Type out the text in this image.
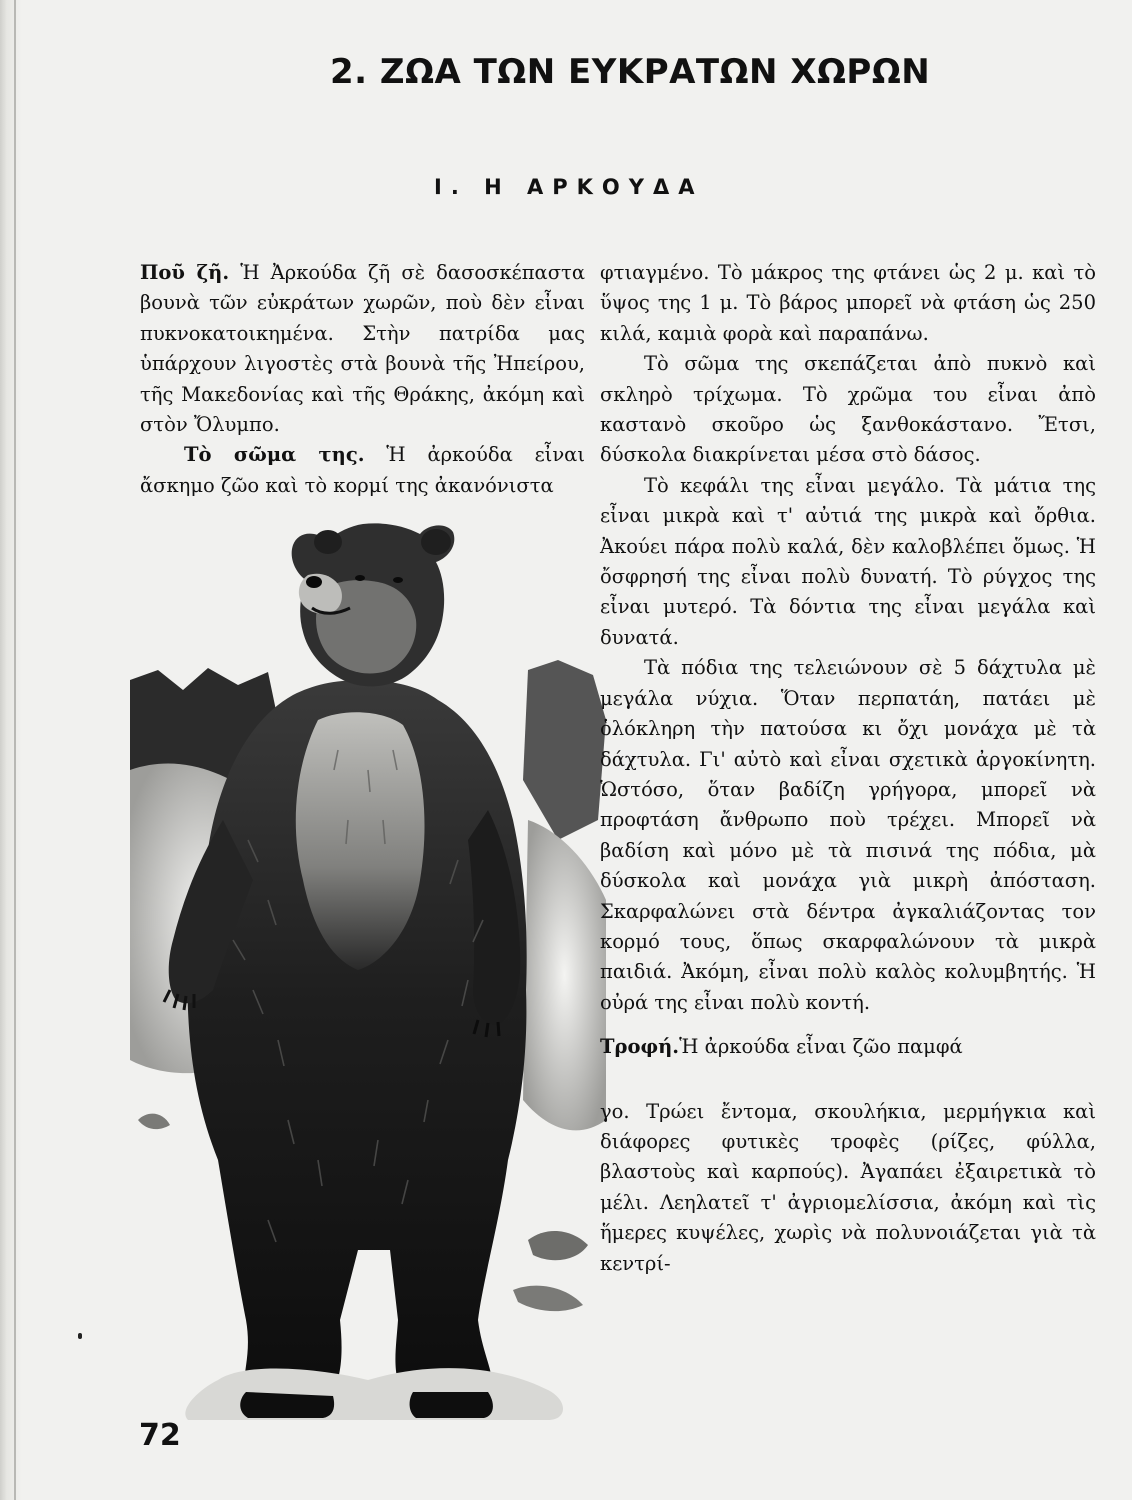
2. ΖΩΑ ΤΩΝ ΕΥΚΡΑΤΩΝ ΧΩΡΩΝ
Ι. Η ΑΡΚΟΥΔΑ

Ποῦ ζῆ. Ἡ Ἀρκούδα ζῆ σὲ δασοσκέπαστα βουνὰ τῶν εὐκράτων χωρῶν, ποὺ δὲν εἶναι πυκνοκατοικημένα. Στὴν πατρίδα μας ὑπάρχουν λιγοστὲς στὰ βουνὰ τῆς Ἠπείρου, τῆς Μακεδονίας καὶ τῆς Θράκης, ἀκόμη καὶ στὸν Ὄλυμπο.

Τὸ σῶμα της. Ἡ ἀρκούδα εἶναι ἄσκημο ζῶο καὶ τὸ κορμί της ἀκανόνιστα

φτιαγμένο. Τὸ μάκρος της φτάνει ὡς 2 μ. καὶ τὸ ὕψος της 1 μ. Τὸ βάρος μπορεῖ νὰ φτάση ὡς 250 κιλά, καμιὰ φορὰ καὶ παραπάνω.

Τὸ σῶμα της σκεπάζεται ἀπὸ πυκνὸ καὶ σκληρὸ τρίχωμα. Τὸ χρῶμα του εἶναι ἀπὸ καστανὸ σκοῦρο ὡς ξανθοκάστανο. Ἔτσι, δύσκολα διακρίνεται μέσα στὸ δάσος.

Τὸ κεφάλι της εἶναι μεγάλο. Τὰ μάτια της εἶναι μικρὰ καὶ τ' αὐτιά της μικρὰ καὶ ὄρθια. Ἀκούει πάρα πολὺ καλά, δὲν καλοβλέπει ὅμως. Ἡ ὄσφρησή της εἶναι πολὺ δυνατή. Τὸ ρύγχος της εἶναι μυτερό. Τὰ δόντια της εἶναι μεγάλα καὶ δυνατά.

Τὰ πόδια της τελειώνουν σὲ 5 δάχτυλα μὲ μεγάλα νύχια. Ὅταν περπατάη, πατάει μὲ ὁλόκληρη τὴν πατούσα κι ὄχι μονάχα μὲ τὰ δάχτυλα. Γι' αὐτὸ καὶ εἶναι σχετικὰ ἀργοκίνητη. Ὡστόσο, ὅταν βαδίζη γρήγορα, μπορεῖ νὰ προφτάση ἄνθρωπο ποὺ τρέχει. Μπορεῖ νὰ βαδίση καὶ μόνο μὲ τὰ πισινά της πόδια, μὰ δύσκολα καὶ μονάχα γιὰ μικρὴ ἀπόσταση. Σκαρφαλώνει στὰ δέντρα ἀγκαλιάζοντας τον κορμό τους, ὅπως σκαρφαλώνουν τὰ μικρὰ παιδιά. Ἀκόμη, εἶναι πολὺ καλὸς κολυμβητής. Ἡ οὐρά της εἶναι πολὺ κοντή.

Τροφή.Ἡ ἀρκούδα εἶναι ζῶο παμφά

γο. Τρώει ἔντομα, σκουλήκια, μερμήγκια καὶ διάφορες φυτικὲς τροφὲς (ρίζες, φύλλα, βλαστοὺς καὶ καρπούς). Ἀγαπάει ἐξαιρετικὰ τὸ μέλι. Λεηλατεῖ τ' ἀγριομελίσσια, ἀκόμη καὶ τὶς ἥμερες κυψέλες, χωρὶς νὰ πολυνοιάζεται γιὰ τὰ κεντρί-

72
